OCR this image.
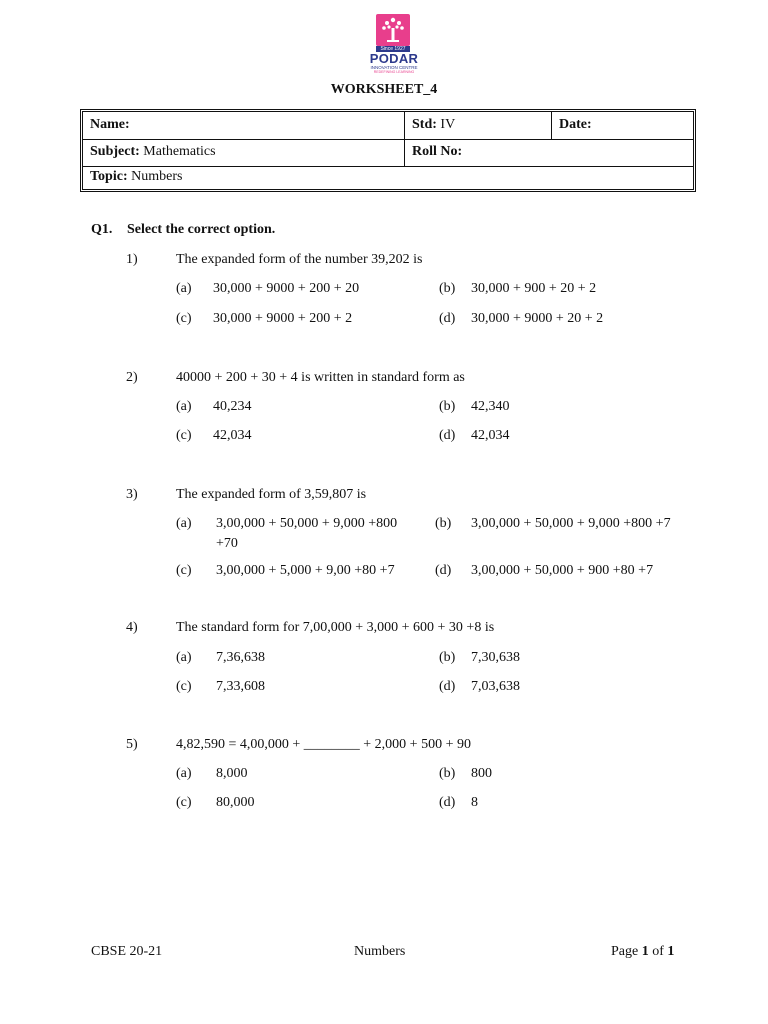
Since 1927
PODAR
INNOVATION CENTRE
REDEFINING LEARNING
WORKSHEET_4
Name:	Std: IV	Date:
Subject: Mathematics	Roll No:
Topic: Numbers
Q1. Select the correct option.
1)	The expanded form of the number 39,202 is
(a) 30,000 + 9000 + 200 + 20	(b) 30,000 + 900 + 20 + 2
(c) 30,000 + 9000 + 200 + 2	(d) 30,000 + 9000 + 20 + 2
2)	40000 + 200 + 30 + 4 is written in standard form as
(a) 40,234	(b) 42,340
(c) 42,034	(d) 42,034
3)	The expanded form of 3,59,807 is
(a) 3,00,000 + 50,000 + 9,000 +800
+70
(b) 3,00,000 + 50,000 + 9,000 +800 +7
(c) 3,00,000 + 5,000 + 9,00 +80 +7	(d) 3,00,000 + 50,000 + 900 +80 +7
4)	The standard form for 7,00,000 + 3,000 + 600 + 30 +8 is
(a) 7,36,638	(b) 7,30,638
(c) 7,33,608	(d) 7,03,638
5)	4,82,590 = 4,00,000 + ________ + 2,000 + 500 + 90
(a) 8,000	(b) 800
(c) 80,000	(d) 8
CBSE 20-21	Numbers	Page 1 of 1
